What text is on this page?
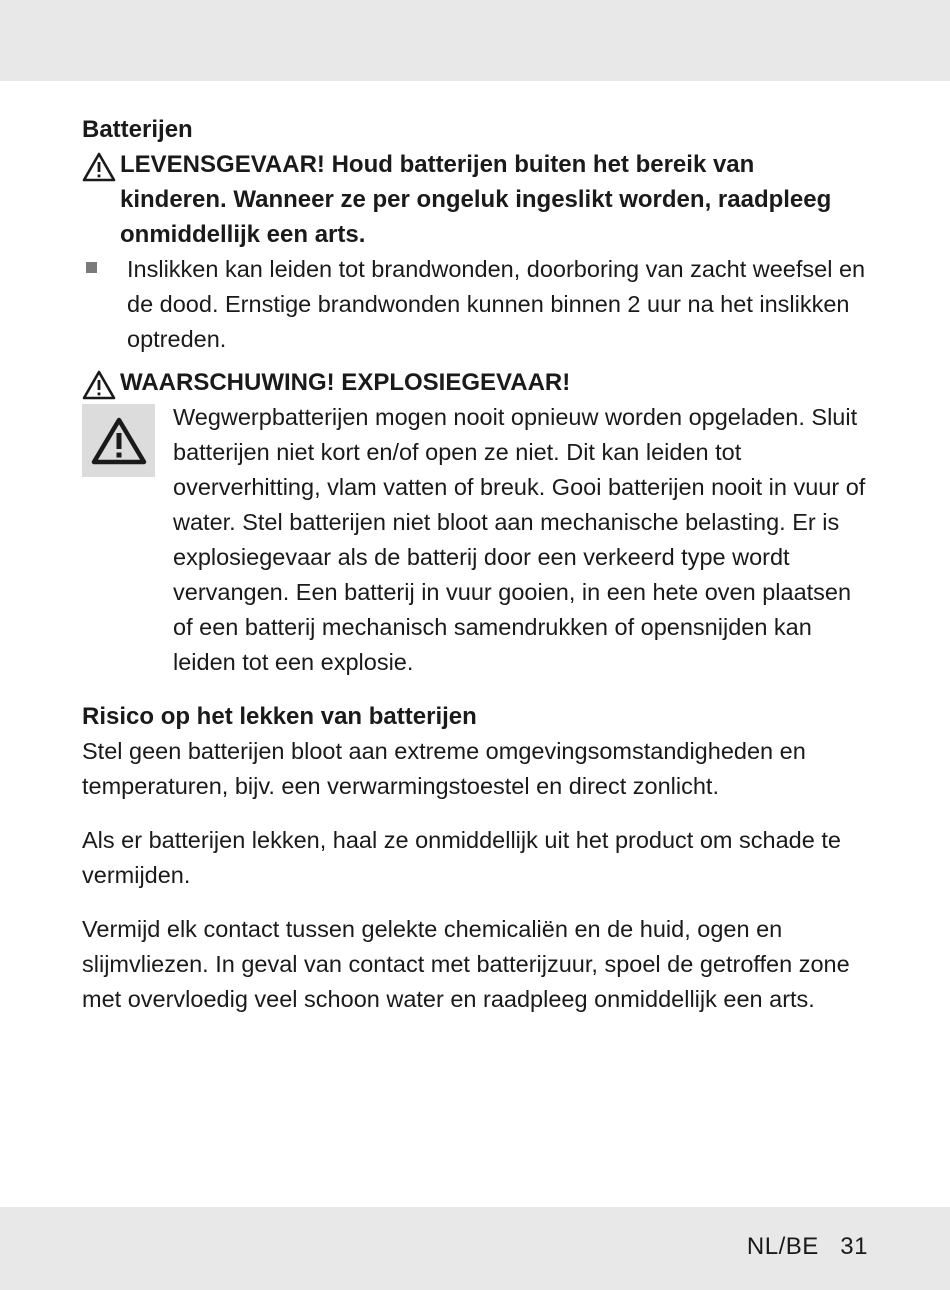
Batterijen
LEVENSGEVAAR! Houd batterijen buiten het bereik van kinderen. Wanneer ze per ongeluk ingeslikt worden, raadpleeg onmiddellijk een arts.
Inslikken kan leiden tot brandwonden, doorboring van zacht weefsel en de dood. Ernstige brandwonden kunnen binnen 2 uur na het inslikken optreden.
WAARSCHUWING! EXPLOSIEGEVAAR!
Wegwerpbatterijen mogen nooit opnieuw worden opgeladen. Sluit batterijen niet kort en/of open ze niet. Dit kan leiden tot oververhitting, vlam vatten of breuk. Gooi batterijen nooit in vuur of water. Stel batterijen niet bloot aan mechanische belasting. Er is explosiegevaar als de batterij door een verkeerd type wordt vervangen. Een batterij in vuur gooien, in een hete oven plaatsen of een batterij mechanisch samendrukken of opensnijden kan leiden tot een explosie.
Risico op het lekken van batterijen

Stel geen batterijen bloot aan extreme omgevingsomstandigheden en temperaturen, bijv. een verwarmingstoestel en direct zonlicht.

Als er batterijen lekken, haal ze onmiddellijk uit het product om schade te vermijden.

Vermijd elk contact tussen gelekte chemicaliën en de huid, ogen en slijmvliezen. In geval van contact met batterijzuur, spoel de getroffen zone met overvloedig veel schoon water en raadpleeg onmiddellijk een arts.

NL/BE 31
